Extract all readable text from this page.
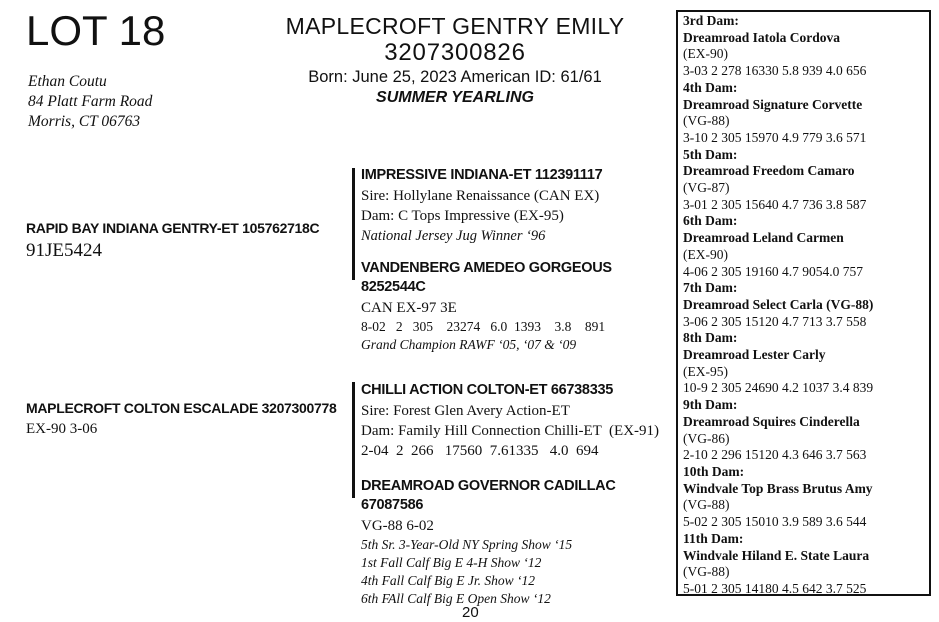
LOT 18
Ethan Coutu
84 Platt Farm Road
Morris, CT 06763
MAPLECROFT GENTRY EMILY
3207300826
Born: June 25, 2023 American ID: 61/61
SUMMER YEARLING
RAPID BAY INDIANA GENTRY-ET 105762718C
91JE5424
MAPLECROFT COLTON ESCALADE 3207300778
EX-90 3-06
IMPRESSIVE INDIANA-ET 112391117
Sire: Hollylane Renaissance (CAN EX)
Dam: C Tops Impressive (EX-95)
National Jersey Jug Winner ‘96
VANDENBERG AMEDEO GORGEOUS 8252544C
CAN EX-97 3E
8-02   2   305    23274   6.0  1393    3.8    891
Grand Champion RAWF ‘05, ‘07 & ‘09
CHILLI ACTION COLTON-ET 66738335
Sire: Forest Glen Avery Action-ET
Dam: Family Hill Connection Chilli-ET  (EX-91)
2-04  2  266   17560  7.61335   4.0  694
DREAMROAD GOVERNOR CADILLAC 67087586
VG-88 6-02
5th Sr. 3-Year-Old NY Spring Show ‘15
1st Fall Calf Big E 4-H Show ‘12
4th Fall Calf Big E Jr. Show ‘12
6th FAll Calf Big E Open Show ‘12
3rd Dam:
Dreamroad Iatola Cordova
(EX-90)
3-03 2 278 16330 5.8 939 4.0 656
4th Dam:
Dreamroad Signature Corvette
(VG-88)
3-10 2 305 15970 4.9 779 3.6 571
5th Dam:
Dreamroad Freedom Camaro
(VG-87)
3-01 2 305 15640 4.7 736 3.8 587
6th Dam:
Dreamroad Leland Carmen
(EX-90)
4-06 2 305 19160 4.7 9054.0 757
7th Dam:
Dreamroad Select Carla (VG-88)
3-06 2 305 15120 4.7 713 3.7 558
8th Dam:
Dreamroad Lester Carly
(EX-95)
10-9 2 305 24690 4.2 1037 3.4 839
9th Dam:
Dreamroad Squires Cinderella
(VG-86)
2-10 2 296 15120 4.3 646 3.7 563
10th Dam:
Windvale Top Brass Brutus Amy
(VG-88)
5-02 2 305 15010 3.9 589 3.6 544
11th Dam:
Windvale Hiland E. State Laura
(VG-88)
5-01 2 305 14180 4.5 642 3.7 525
20
